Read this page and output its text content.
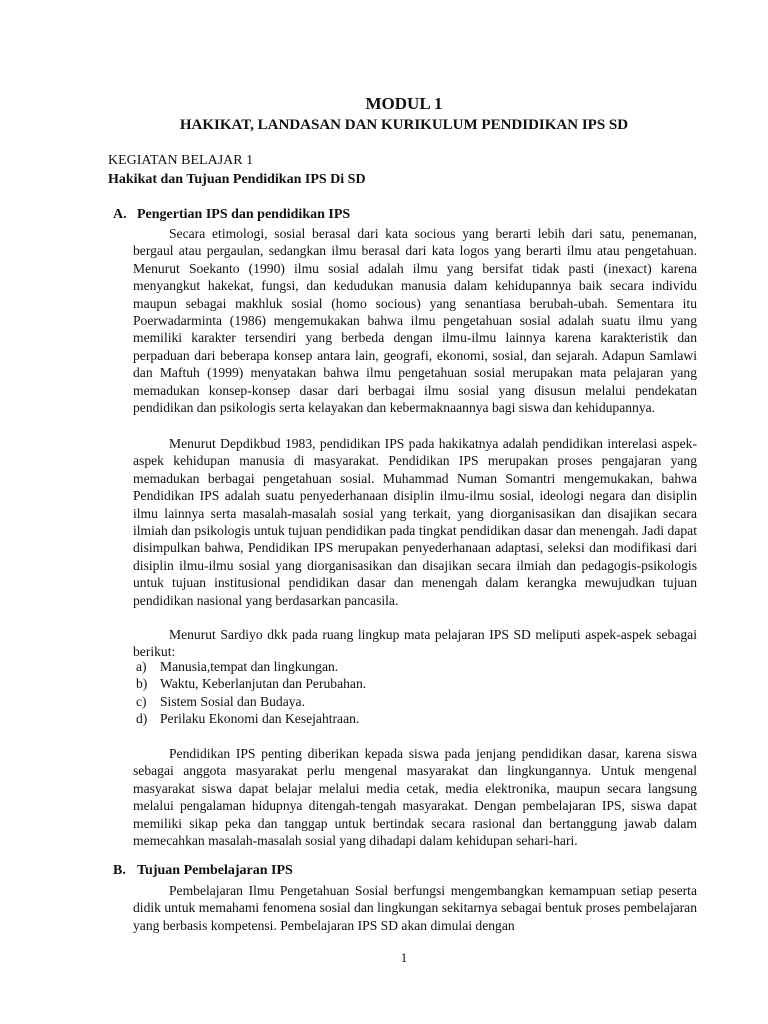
MODUL 1
HAKIKAT, LANDASAN DAN KURIKULUM PENDIDIKAN IPS SD

KEGIATAN BELAJAR 1

Hakikat dan Tujuan Pendidikan IPS Di SD

A. Pengertian IPS dan pendidikan IPS

Secara etimologi, sosial berasal dari kata socious yang berarti lebih dari satu, penemanan, bergaul atau pergaulan, sedangkan ilmu berasal dari kata logos yang berarti ilmu atau pengetahuan. Menurut Soekanto (1990) ilmu sosial adalah ilmu yang bersifat tidak pasti (inexact) karena menyangkut hakekat, fungsi, dan kedudukan manusia dalam kehidupannya baik secara individu maupun sebagai makhluk sosial (homo socious) yang senantiasa berubah-ubah. Sementara itu Poerwadarminta (1986) mengemukakan bahwa ilmu pengetahuan sosial adalah suatu ilmu yang memiliki karakter tersendiri yang berbeda dengan ilmu-ilmu lainnya karena karakteristik dan perpaduan dari beberapa konsep antara lain, geografi, ekonomi, sosial, dan sejarah. Adapun Samlawi dan Maftuh (1999) menyatakan bahwa ilmu pengetahuan sosial merupakan mata pelajaran yang memadukan konsep-konsep dasar dari berbagai ilmu sosial yang disusun melalui pendekatan pendidikan dan psikologis serta kelayakan dan kebermaknaannya bagi siswa dan kehidupannya.

Menurut Depdikbud 1983, pendidikan IPS pada hakikatnya adalah pendidikan interelasi aspek-aspek kehidupan manusia di masyarakat. Pendidikan IPS merupakan proses pengajaran yang memadukan berbagai pengetahuan sosial. Muhammad Numan Somantri mengemukakan, bahwa Pendidikan IPS adalah suatu penyederhanaan disiplin ilmu-ilmu sosial, ideologi negara dan disiplin ilmu lainnya serta masalah-masalah sosial yang terkait, yang diorganisasikan dan disajikan secara ilmiah dan psikologis untuk tujuan pendidikan pada tingkat pendidikan dasar dan menengah. Jadi dapat disimpulkan bahwa, Pendidikan IPS merupakan penyederhanaan adaptasi, seleksi dan modifikasi dari disiplin ilmu-ilmu sosial yang diorganisasikan dan disajikan secara ilmiah dan pedagogis-psikologis untuk tujuan institusional pendidikan dasar dan menengah dalam kerangka mewujudkan tujuan pendidikan nasional yang berdasarkan pancasila.

Menurut Sardiyo dkk pada ruang lingkup mata pelajaran IPS SD meliputi aspek-aspek sebagai berikut:

a) Manusia,tempat dan lingkungan.
b) Waktu, Keberlanjutan dan Perubahan.
c) Sistem Sosial dan Budaya.
d) Perilaku Ekonomi dan Kesejahtraan.

Pendidikan IPS penting diberikan kepada siswa pada jenjang pendidikan dasar, karena siswa sebagai anggota masyarakat perlu mengenal masyarakat dan lingkungannya. Untuk mengenal masyarakat siswa dapat belajar melalui media cetak, media elektronika, maupun secara langsung melalui pengalaman hidupnya ditengah-tengah masyarakat. Dengan pembelajaran IPS, siswa dapat memiliki sikap peka dan tanggap untuk bertindak secara rasional dan bertanggung jawab dalam memecahkan masalah-masalah sosial yang dihadapi dalam kehidupan sehari-hari.

B. Tujuan Pembelajaran IPS

Pembelajaran Ilmu Pengetahuan Sosial berfungsi mengembangkan kemampuan setiap peserta didik untuk memahami fenomena sosial dan lingkungan sekitarnya sebagai bentuk proses pembelajaran yang berbasis kompetensi. Pembelajaran IPS SD akan dimulai dengan

1
